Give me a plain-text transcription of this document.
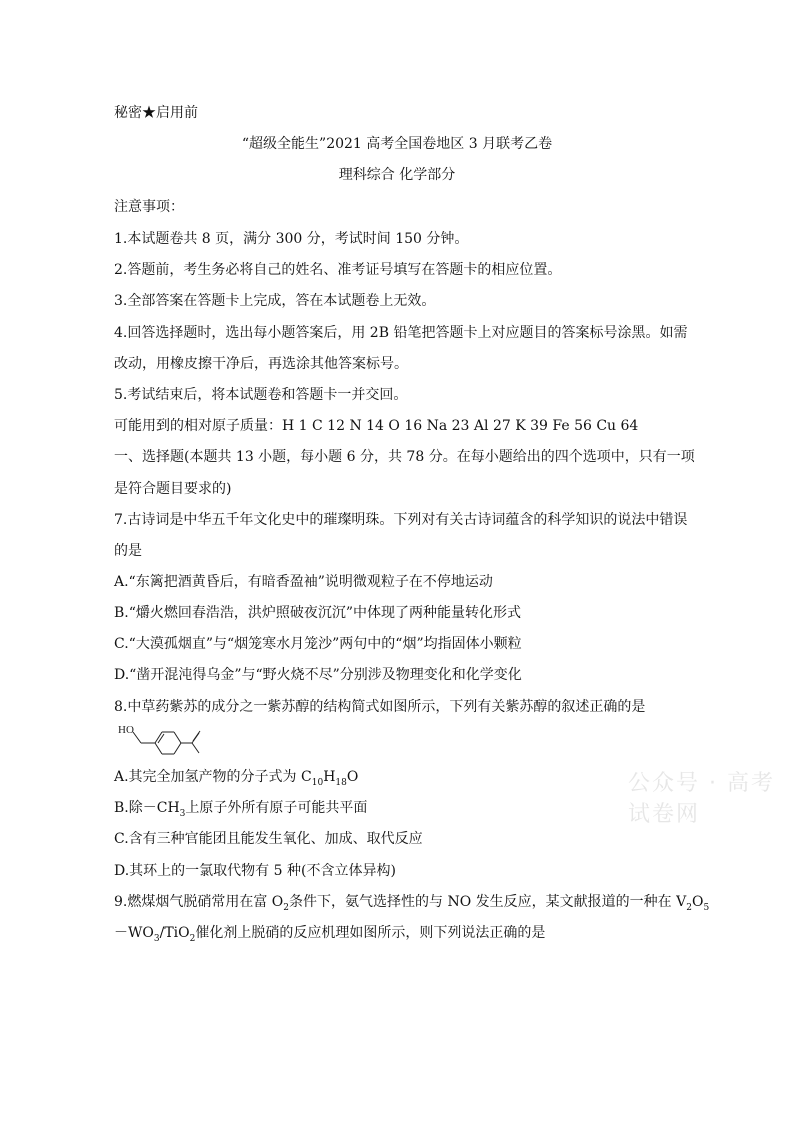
秘密★启用前
“超级全能生”2021 高考全国卷地区 3 月联考乙卷
理科综合 化学部分
注意事项：
1.本试题卷共 8 页，满分 300 分，考试时间 150 分钟。
2.答题前，考生务必将自己的姓名、准考证号填写在答题卡的相应位置。
3.全部答案在答题卡上完成，答在本试题卷上无效。
4.回答选择题时，选出每小题答案后，用 2B 铅笔把答题卡上对应题目的答案标号涂黑。如需
改动，用橡皮擦干净后，再选涂其他答案标号。
5.考试结束后，将本试题卷和答题卡一并交回。
可能用到的相对原子质量：H 1 C 12 N 14 O 16 Na 23 Al 27 K 39 Fe 56 Cu 64
一、选择题(本题共 13 小题，每小题 6 分，共 78 分。在每小题给出的四个选项中，只有一项
是符合题目要求的)
7.古诗词是中华五千年文化史中的璀璨明珠。下列对有关古诗词蕴含的科学知识的说法中错误
的是
A.“东篱把酒黄昏后，有暗香盈袖”说明微观粒子在不停地运动
B.“爝火燃回春浩浩，洪炉照破夜沉沉”中体现了两种能量转化形式
C.“大漠孤烟直”与“烟笼寒水月笼沙”两句中的“烟”均指固体小颗粒
D.“凿开混沌得乌金”与“野火烧不尽”分别涉及物理变化和化学变化
8.中草药紫苏的成分之一紫苏醇的结构简式如图所示，下列有关紫苏醇的叙述正确的是
HO
A.其完全加氢产物的分子式为 $C_{10}H_{18}O$
B.除$-CH_3$上原子外所有原子可能共平面
C.含有三种官能团且能发生氧化、加成、取代反应
D.其环上的一氯取代物有 5 种(不含立体异构)
9.燃煤烟气脱硝常用在富 $O_2$条件下，氨气选择性的与 NO 发生反应，某文献报道的一种在 $V_2O_5$
$-WO_3/TiO_2$催化剂上脱硝的反应机理如图所示，则下列说法正确的是
公众号 · 高考试卷网
